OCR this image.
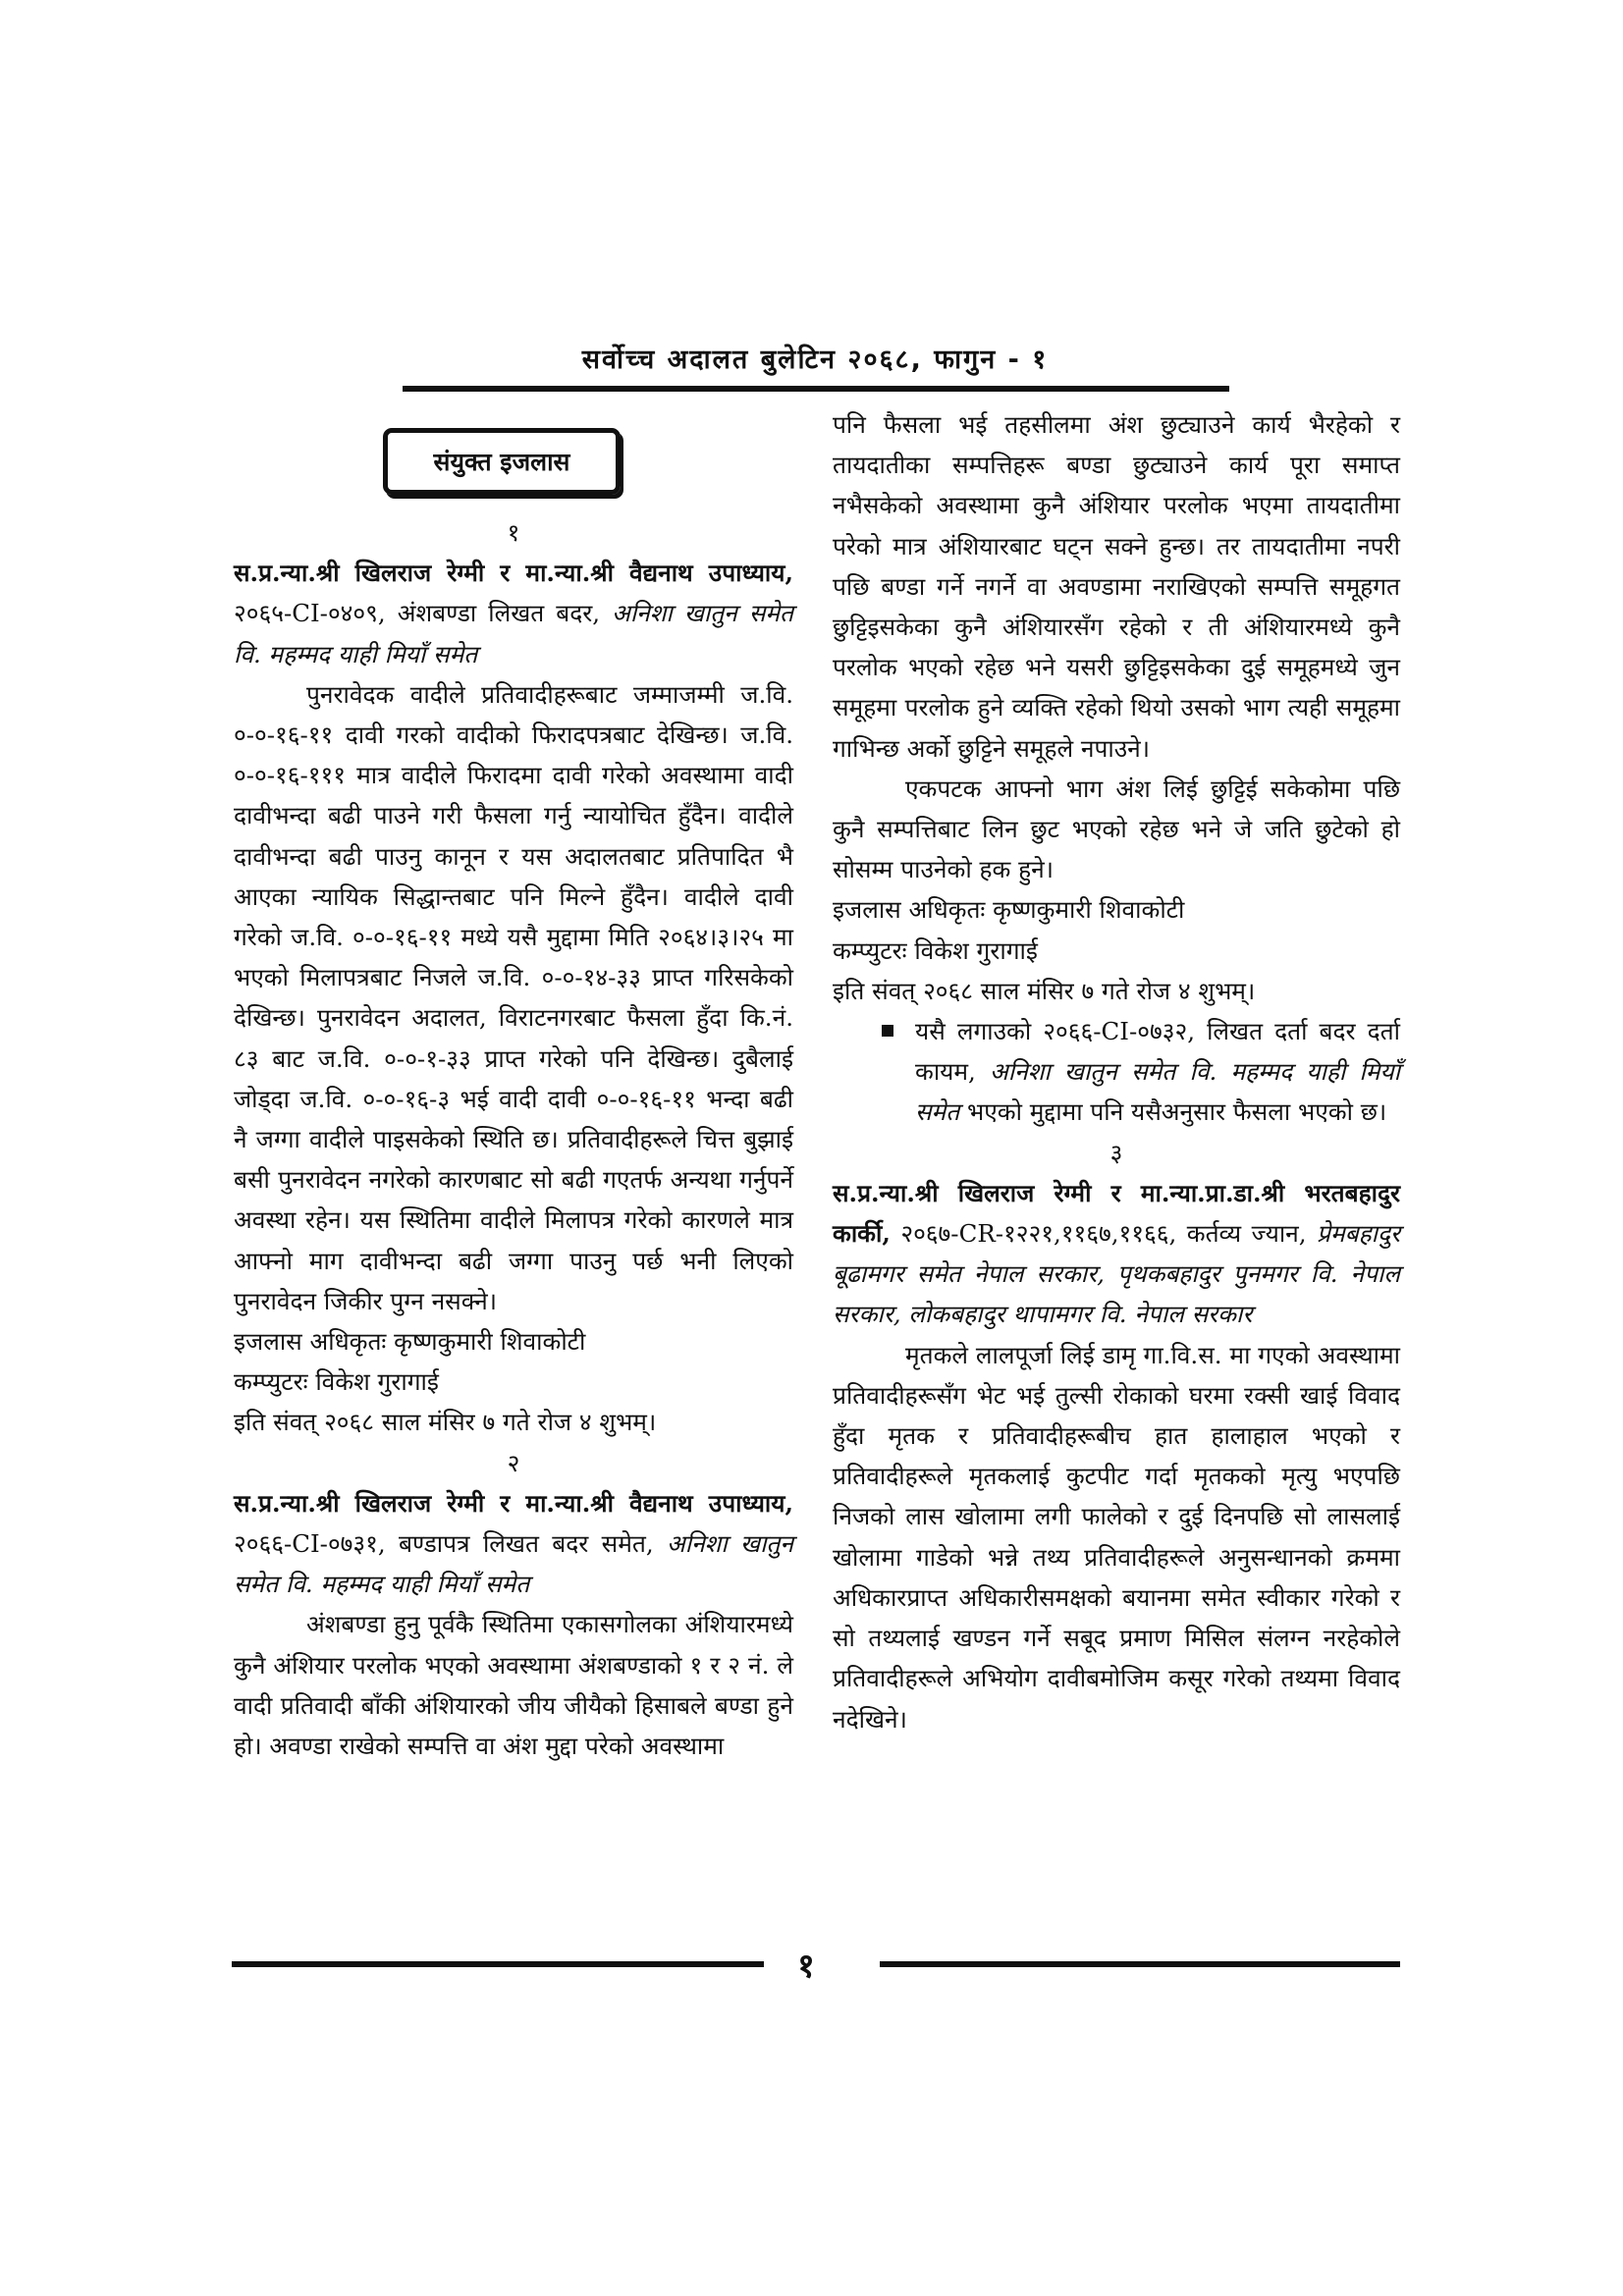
सर्वोच्च अदालत बुलेटिन २०६८, फागुन - १
संयुक्त इजलास

१

स.प्र.न्या.श्री खिलराज रेग्मी र मा.न्या.श्री वैद्यनाथ उपाध्याय, २०६५-CI-०४०९, अंशबण्डा लिखत बदर, अनिशा खातुन समेत वि. महम्मद याही मियाँ समेत

पुनरावेदक वादीले प्रतिवादीहरूबाट जम्माजम्मी ज.वि. ०-०-१६-११ दावी गरको वादीको फिरादपत्रबाट देखिन्छ। ज.वि. ०-०-१६-१११ मात्र वादीले फिरादमा दावी गरेको अवस्थामा वादी दावीभन्दा बढी पाउने गरी फैसला गर्नु न्यायोचित हुँदैन। वादीले दावीभन्दा बढी पाउनु कानून र यस अदालतबाट प्रतिपादित भै आएका न्यायिक सिद्धान्तबाट पनि मिल्ने हुँदैन। वादीले दावी गरेको ज.वि. ०-०-१६-११ मध्ये यसै मुद्दामा मिति २०६४।३।२५ मा भएको मिलापत्रबाट निजले ज.वि. ०-०-१४-३३ प्राप्त गरिसकेको देखिन्छ। पुनरावेदन अदालत, विराटनगरबाट फैसला हुँदा कि.नं. ८३ बाट ज.वि. ०-०-१-३३ प्राप्त गरेको पनि देखिन्छ। दुबैलाई जोड्दा ज.वि. ०-०-१६-३ भई वादी दावी ०-०-१६-११ भन्दा बढी नै जग्गा वादीले पाइसकेको स्थिति छ। प्रतिवादीहरूले चित्त बुझाई बसी पुनरावेदन नगरेको कारणबाट सो बढी गएतर्फ अन्यथा गर्नुपर्ने अवस्था रहेन। यस स्थितिमा वादीले मिलापत्र गरेको कारणले मात्र आफ्नो माग दावीभन्दा बढी जग्गा पाउनु पर्छ भनी लिएको पुनरावेदन जिकीर पुग्न नसक्ने।

इजलास अधिकृतः कृष्णकुमारी शिवाकोटी

कम्प्युटरः विकेश गुरागाई

इति संवत् २०६८ साल मंसिर ७ गते रोज ४ शुभम्।

२

स.प्र.न्या.श्री खिलराज रेग्मी र मा.न्या.श्री वैद्यनाथ उपाध्याय, २०६६-CI-०७३१, बण्डापत्र लिखत बदर समेत, अनिशा खातुन समेत वि. महम्मद याही मियाँ समेत

अंशबण्डा हुनु पूर्वकै स्थितिमा एकासगोलका अंशियारमध्ये कुनै अंशियार परलोक भएको अवस्थामा अंशबण्डाको १ र २ नं. ले वादी प्रतिवादी बाँकी अंशियारको जीय जीयैको हिसाबले बण्डा हुने हो। अवण्डा राखेको सम्पत्ति वा अंश मुद्दा परेको अवस्थामा

पनि फैसला भई तहसीलमा अंश छुट्याउने कार्य भैरहेको र तायदातीका सम्पत्तिहरू बण्डा छुट्याउने कार्य पूरा समाप्त नभैसकेको अवस्थामा कुनै अंशियार परलोक भएमा तायदातीमा परेको मात्र अंशियारबाट घट्न सक्ने हुन्छ। तर तायदातीमा नपरी पछि बण्डा गर्ने नगर्ने वा अवण्डामा नराखिएको सम्पत्ति समूहगत छुट्टिइसकेका कुनै अंशियारसँग रहेको र ती अंशियारमध्ये कुनै परलोक भएको रहेछ भने यसरी छुट्टिइसकेका दुई समूहमध्ये जुन समूहमा परलोक हुने व्यक्ति रहेको थियो उसको भाग त्यही समूहमा गाभिन्छ अर्को छुट्टिने समूहले नपाउने।

एकपटक आफ्नो भाग अंश लिई छुट्टिई सकेकोमा पछि कुनै सम्पत्तिबाट लिन छुट भएको रहेछ भने जे जति छुटेको हो सोसम्म पाउनेको हक हुने।

इजलास अधिकृतः कृष्णकुमारी शिवाकोटी

कम्प्युटरः विकेश गुरागाई

इति संवत् २०६८ साल मंसिर ७ गते रोज ४ शुभम्।

यसै लगाउको २०६६-CI-०७३२, लिखत दर्ता बदर दर्ता कायम, अनिशा खातुन समेत वि. महम्मद याही मियाँ समेत भएको मुद्दामा पनि यसैअनुसार फैसला भएको छ।

३

स.प्र.न्या.श्री खिलराज रेग्मी र मा.न्या.प्रा.डा.श्री भरतबहादुर कार्की, २०६७-CR-१२२१,११६७,११६६, कर्तव्य ज्यान, प्रेमबहादुर बूढामगर समेत नेपाल सरकार, पृथकबहादुर पुनमगर वि. नेपाल सरकार, लोकबहादुर थापामगर वि. नेपाल सरकार

मृतकले लालपूर्जा लिई डामृ गा.वि.स. मा गएको अवस्थामा प्रतिवादीहरूसँग भेट भई तुल्सी रोकाको घरमा रक्सी खाई विवाद हुँदा मृतक र प्रतिवादीहरूबीच हात हालाहाल भएको र प्रतिवादीहरूले मृतकलाई कुटपीट गर्दा मृतकको मृत्यु भएपछि निजको लास खोलामा लगी फालेको र दुई दिनपछि सो लासलाई खोलामा गाडेको भन्ने तथ्य प्रतिवादीहरूले अनुसन्धानको क्रममा अधिकारप्राप्त अधिकारीसमक्षको बयानमा समेत स्वीकार गरेको र सो तथ्यलाई खण्डन गर्ने सबूद प्रमाण मिसिल संलग्न नरहेकोले प्रतिवादीहरूले अभियोग दावीबमोजिम कसूर गरेको तथ्यमा विवाद नदेखिने।

१
